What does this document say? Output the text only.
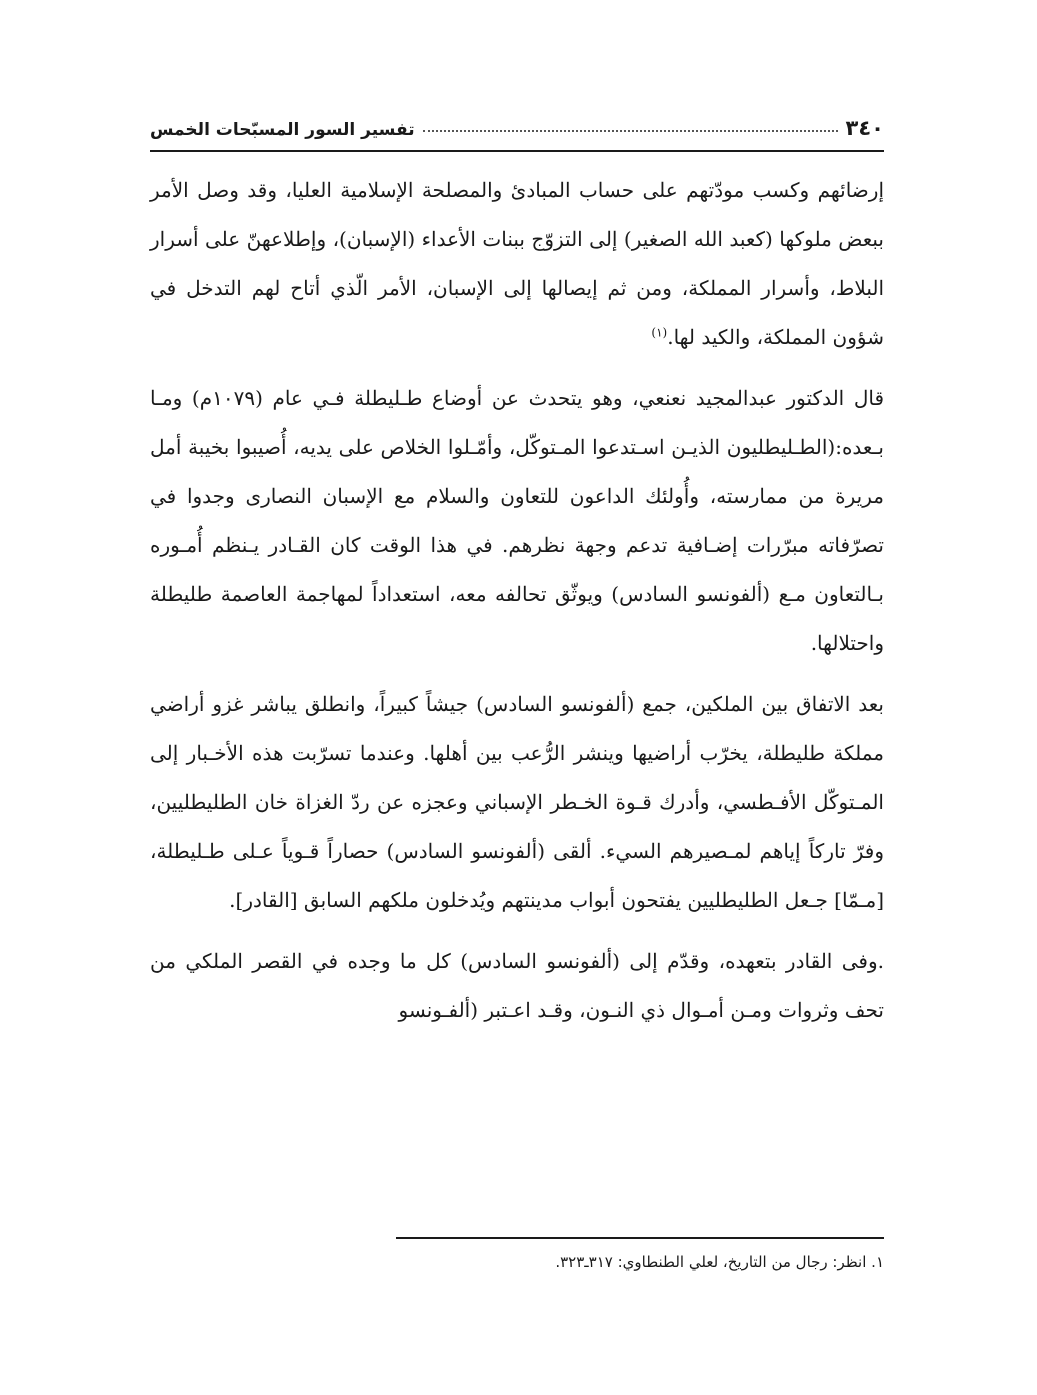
٣٤٠
تفسير السور المسبّحات الخمس

إرضائهم وكسب مودّتهم على حساب المبادئ والمصلحة الإسلامية العليا، وقد وصل الأمر ببعض ملوكها (كعبد الله الصغير) إلى التزوّج ببنات الأعداء (الإسبان)، وإطلاعهنّ على أسرار البلاط، وأسرار المملكة، ومن ثم إيصالها إلى الإسبان، الأمر الّذي أتاح لهم التدخل في شؤون المملكة، والكيد لها.$^{(١)}$

قال الدكتور عبدالمجيد نعنعي، وهو يتحدث عن أوضاع طـليطلة فـي عام (١٠٧٩م) ومـا بـعده:(الطـليطليون الذيـن اسـتدعوا المـتوكّل، وأمّـلوا الخلاص على يديه، أُصيبوا بخيبة أمل مريرة من ممارسته، وأُولئك الداعون للتعاون والسلام مع الإسبان النصارى وجدوا في تصرّفاته مبرّرات إضـافية تدعم وجهة نظرهم. في هذا الوقت كان القـادر يـنظم أُمـوره بـالتعاون مـع (ألفونسو السادس) ويوثّق تحالفه معه، استعداداً لمهاجمة العاصمة طليطلة واحتلالها.

بعد الاتفاق بين الملكين، جمع (ألفونسو السادس) جيشاً كبيراً، وانطلق يباشر غزو أراضي مملكة طليطلة، يخرّب أراضيها وينشر الرُّعب بين أهلها. وعندما تسرّبت هذه الأخـبار إلى المـتوكّل الأفـطسي، وأدرك قـوة الخـطر الإسباني وعجزه عن ردّ الغزاة خان الطليطليين، وفرّ تاركاً إياهم لمـصيرهم السيء. ألقى (ألفونسو السادس) حصاراً قـوياً عـلى طـليطلة، [مـمّا] جـعل الطليطليين يفتحون أبواب مدينتهم ويُدخلون ملكهم السابق [القادر].

.وفى القادر بتعهده، وقدّم إلى (ألفونسو السادس) كل ما وجده في القصر الملكي من تحف وثروات ومـن أمـوال ذي النـون، وقـد اعـتبر (ألفـونسو

١. انظر: رجال من التاريخ، لعلي الطنطاوي: ٣١٧ـ٣٢٣.
